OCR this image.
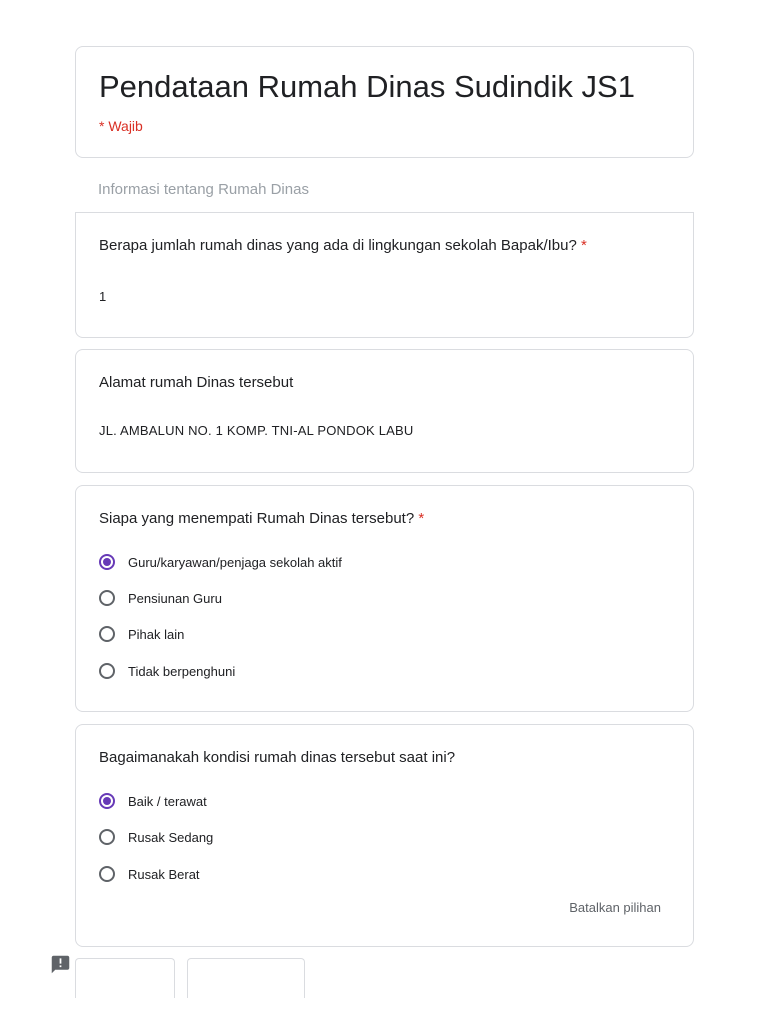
Pendataan Rumah Dinas Sudindik JS1
* Wajib
Informasi tentang Rumah Dinas
Berapa jumlah rumah dinas yang ada di lingkungan sekolah Bapak/Ibu? *
1
Alamat rumah Dinas tersebut
JL. AMBALUN NO. 1 KOMP. TNI-AL PONDOK LABU
Siapa yang menempati Rumah Dinas tersebut? *
Guru/karyawan/penjaga sekolah aktif
Pensiunan Guru
Pihak lain
Tidak berpenghuni
Bagaimanakah kondisi rumah dinas tersebut saat ini?
Baik / terawat
Rusak Sedang
Rusak Berat
Batalkan pilihan
